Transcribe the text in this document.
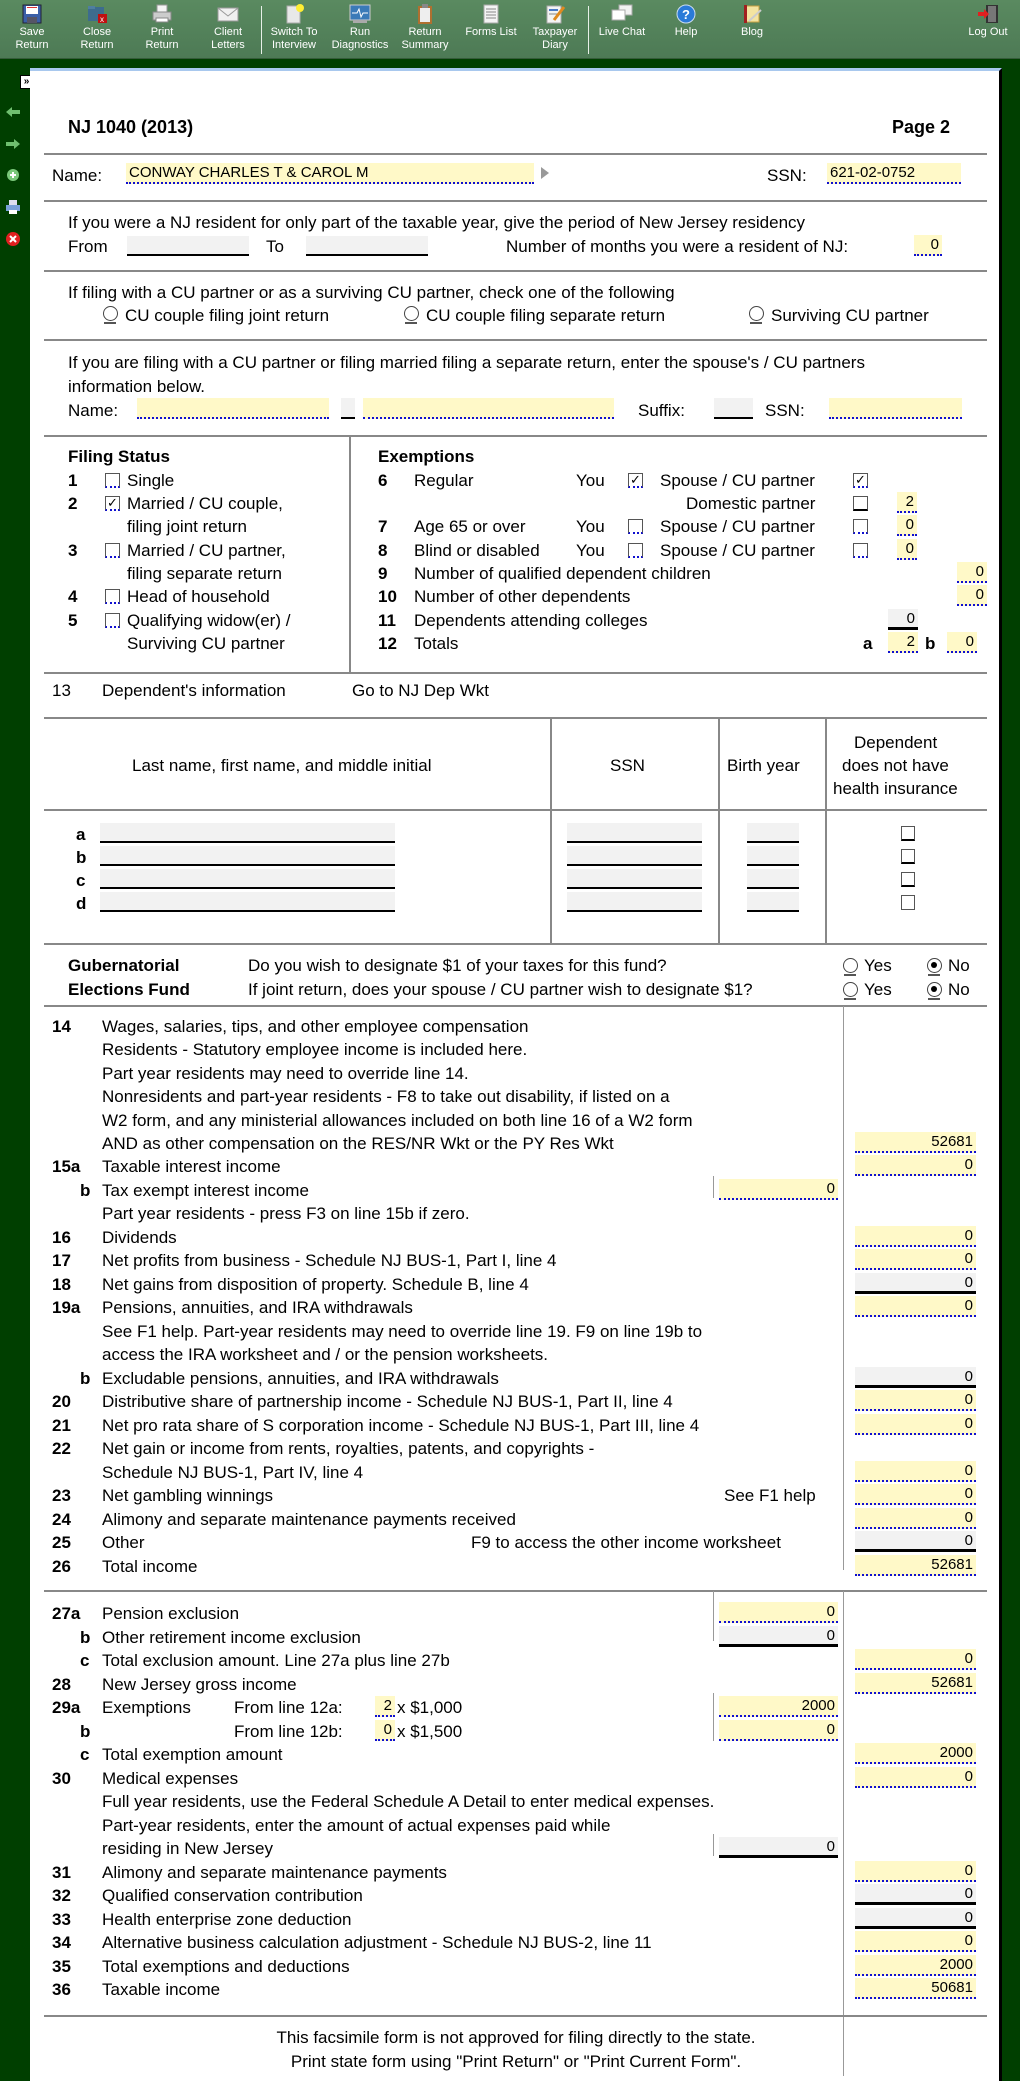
Save
Return
x
Close
Return
Print
Return
Client
Letters
Switch To
Interview
Run
Diagnostics
Return
Summary
Forms List	Taxpayer
Diary
Live Chat
?
Help	Blog	Log Out
»
NJ 1040 (2013)	Page 2
Name: CONWAY CHARLES T & CAROL M	SSN: 621-02-0752
If you were a NJ resident for only part of the taxable year, give the period of New Jersey residency
From	To	Number of months you were a resident of NJ:	0
If filing with a CU partner or as a surviving CU partner, check one of the following
CU couple filing joint return	CU couple filing separate return	Surviving CU partner
If you are filing with a CU partner or filing married filing a separate return, enter the spouse's / CU partners
information below.
Name:	Suffix:	SSN:
Filing Status
1	Single
2 ✓ Married / CU couple,
filing joint return
3	Married / CU partner,
filing separate return
4	Head of household
5	Qualifying widow(er) /
Surviving CU partner
Exemptions
6 Regular	You ✓ Spouse / CU partner	✓
Domestic partner	2
7 Age 65 or over	You	Spouse / CU partner	0
8 Blind or disabled You	Spouse / CU partner	0
9 Number of qualified dependent children	0
10 Number of other dependents	0
11 Dependents attending colleges	0
12 Totals	a	2 b	0
13 Dependent's information	Go to NJ Dep Wkt
Last name, first name, and middle initial	SSN	Birth year
Dependent
does not have
health insurance
a
b
c
d
Gubernatorial
Elections Fund
Do you wish to designate $1 of your taxes for this fund?
If joint return, does your spouse / CU partner wish to designate $1?
Yes	No
Yes	No
14 Wages, salaries, tips, and other employee compensation
Residents - Statutory employee income is included here.
Part year residents may need to override line 14.
Nonresidents and part-year residents - F8 to take out disability, if listed on a
W2 form, and any ministerial allowances included on both line 16 of a W2 form
AND as other compensation on the RES/NR Wkt or the PY Res Wkt	52681
15a Taxable interest income	0
b Tax exempt interest income	0
Part year residents - press F3 on line 15b if zero.
16 Dividends	0
17 Net profits from business - Schedule NJ BUS-1, Part I, line 4	0
18 Net gains from disposition of property. Schedule B, line 4	0
19a Pensions, annuities, and IRA withdrawals	0
See F1 help. Part-year residents may need to override line 19. F9 on line 19b to
access the IRA worksheet and / or the pension worksheets.
b Excludable pensions, annuities, and IRA withdrawals	0
20 Distributive share of partnership income - Schedule NJ BUS-1, Part II, line 4	0
21 Net pro rata share of S corporation income - Schedule NJ BUS-1, Part III, line 4	0
22 Net gain or income from rents, royalties, patents, and copyrights -
Schedule NJ BUS-1, Part IV, line 4	0
23 Net gambling winnings	See F1 help	0
24 Alimony and separate maintenance payments received	0
25 Other	F9 to access the other income worksheet	0
26 Total income	52681
27a Pension exclusion	0
b Other retirement income exclusion	0
c Total exclusion amount. Line 27a plus line 27b	0
28 New Jersey gross income	52681
29a Exemptions	From line 12a:	2 x $1,000	2000
b	From line 12b:	0 x $1,500	0
c Total exemption amount	2000
30 Medical expenses	0
Full year residents, use the Federal Schedule A Detail to enter medical expenses.
Part-year residents, enter the amount of actual expenses paid while
residing in New Jersey	0
31 Alimony and separate maintenance payments	0
32 Qualified conservation contribution	0
33 Health enterprise zone deduction	0
34 Alternative business calculation adjustment - Schedule NJ BUS-2, line 11	0
35 Total exemptions and deductions	2000
36 Taxable income	50681
This facsimile form is not approved for filing directly to the state.
Print state form using "Print Return" or "Print Current Form".
